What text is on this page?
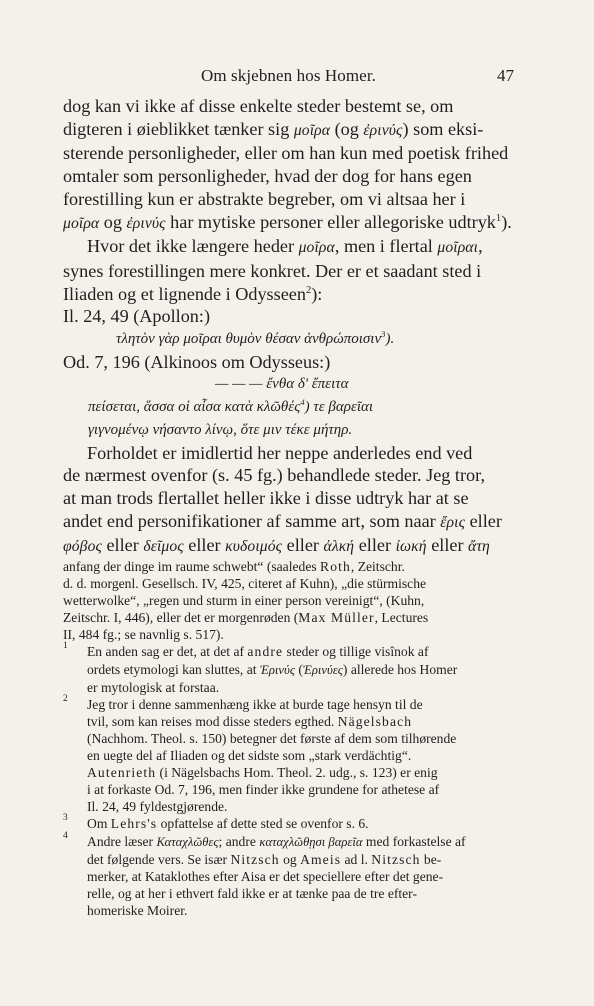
Om skjebnen hos Homer.	47

dog kan vi ikke af disse enkelte steder bestemt se, om
digteren i øieblikket tænker sig μοῖρα (og ἐρινύς) som eksi-
sterende personligheder, eller om han kun med poetisk frihed
omtaler som personligheder, hvad der dog for hans egen
forestilling kun er abstrakte begreber, om vi altsaa her i
μοῖρα og ἐρινύς har mytiske personer eller allegoriske udtryk$^1$).

Hvor det ikke længere heder μοῖρα, men i flertal μοῖραι,
synes forestillingen mere konkret. Der er et saadant sted i
Iliaden og et lignende i Odysseen$^2$):

Il. 24, 49 (Apollon:)

τλητὸν γὰρ μοῖραι θυμὸν θέσαν ἀνθρώποισιν$^3$).

Od. 7, 196 (Alkinoos om Odysseus:)

— — — ἔνθα δ' ἔπειτα

πείσεται, ἅσσα οἱ αἶσα κατὰ κλῶθές$^4$) τε βαρεῖαι

γιγνομένῳ νήσαντο λίνῳ, ὅτε μιν τέκε μήτηρ.

Forholdet er imidlertid her neppe anderledes end ved
de nærmest ovenfor (s. 45 fg.) behandlede steder. Jeg tror,
at man trods flertallet heller ikke i disse udtryk har at se
andet end personifikationer af samme art, som naar ἔρις eller
φόβος eller δεῖμος eller κυδοιμός eller ἀλκή eller ἰωκή eller ἄτη

anfang der dinge im raume schwebt“ (saaledes Roth, Zeitschr.
d. d. morgenl. Gesellsch. IV, 425, citeret af Kuhn), „die stürmische
wetterwolke“, „regen und sturm in einer person vereinigt“, (Kuhn,
Zeitschr. I, 446), eller det er morgenrøden (Max Müller, Lectures
II, 484 fg.; se navnlig s. 517).

1 En anden sag er det, at det af andre steder og tillige visînok af
ordets etymologi kan sluttes, at Ἐρινύς (Ἐρινύες) allerede hos Homer
er mytologisk at forstaa.

2 Jeg tror i denne sammenhæng ikke at burde tage hensyn til de
tvil, som kan reises mod disse steders egthed. Nägelsbach
(Nachhom. Theol. s. 150) betegner det første af dem som tilhørende
en uegte del af Iliaden og det sidste som „stark verdächtig“.
Autenrieth (i Nägelsbachs Hom. Theol. 2. udg., s. 123) er enig
i at forkaste Od. 7, 196, men finder ikke grundene for athetese af
Il. 24, 49 fyldestgjørende.

3 Om Lehrs's opfattelse af dette sted se ovenfor s. 6.

4 Andre læser Καταχλῶθες; andre καταχλῶθῃσι βαρεῖα med forkastelse af
det følgende vers. Se især Nitzsch og Ameis ad l. Nitzsch be-
merker, at Kataklothes efter Aisa er det speciellere efter det gene-
relle, og at her i ethvert fald ikke er at tænke paa de tre efter-
homeriske Moirer.
